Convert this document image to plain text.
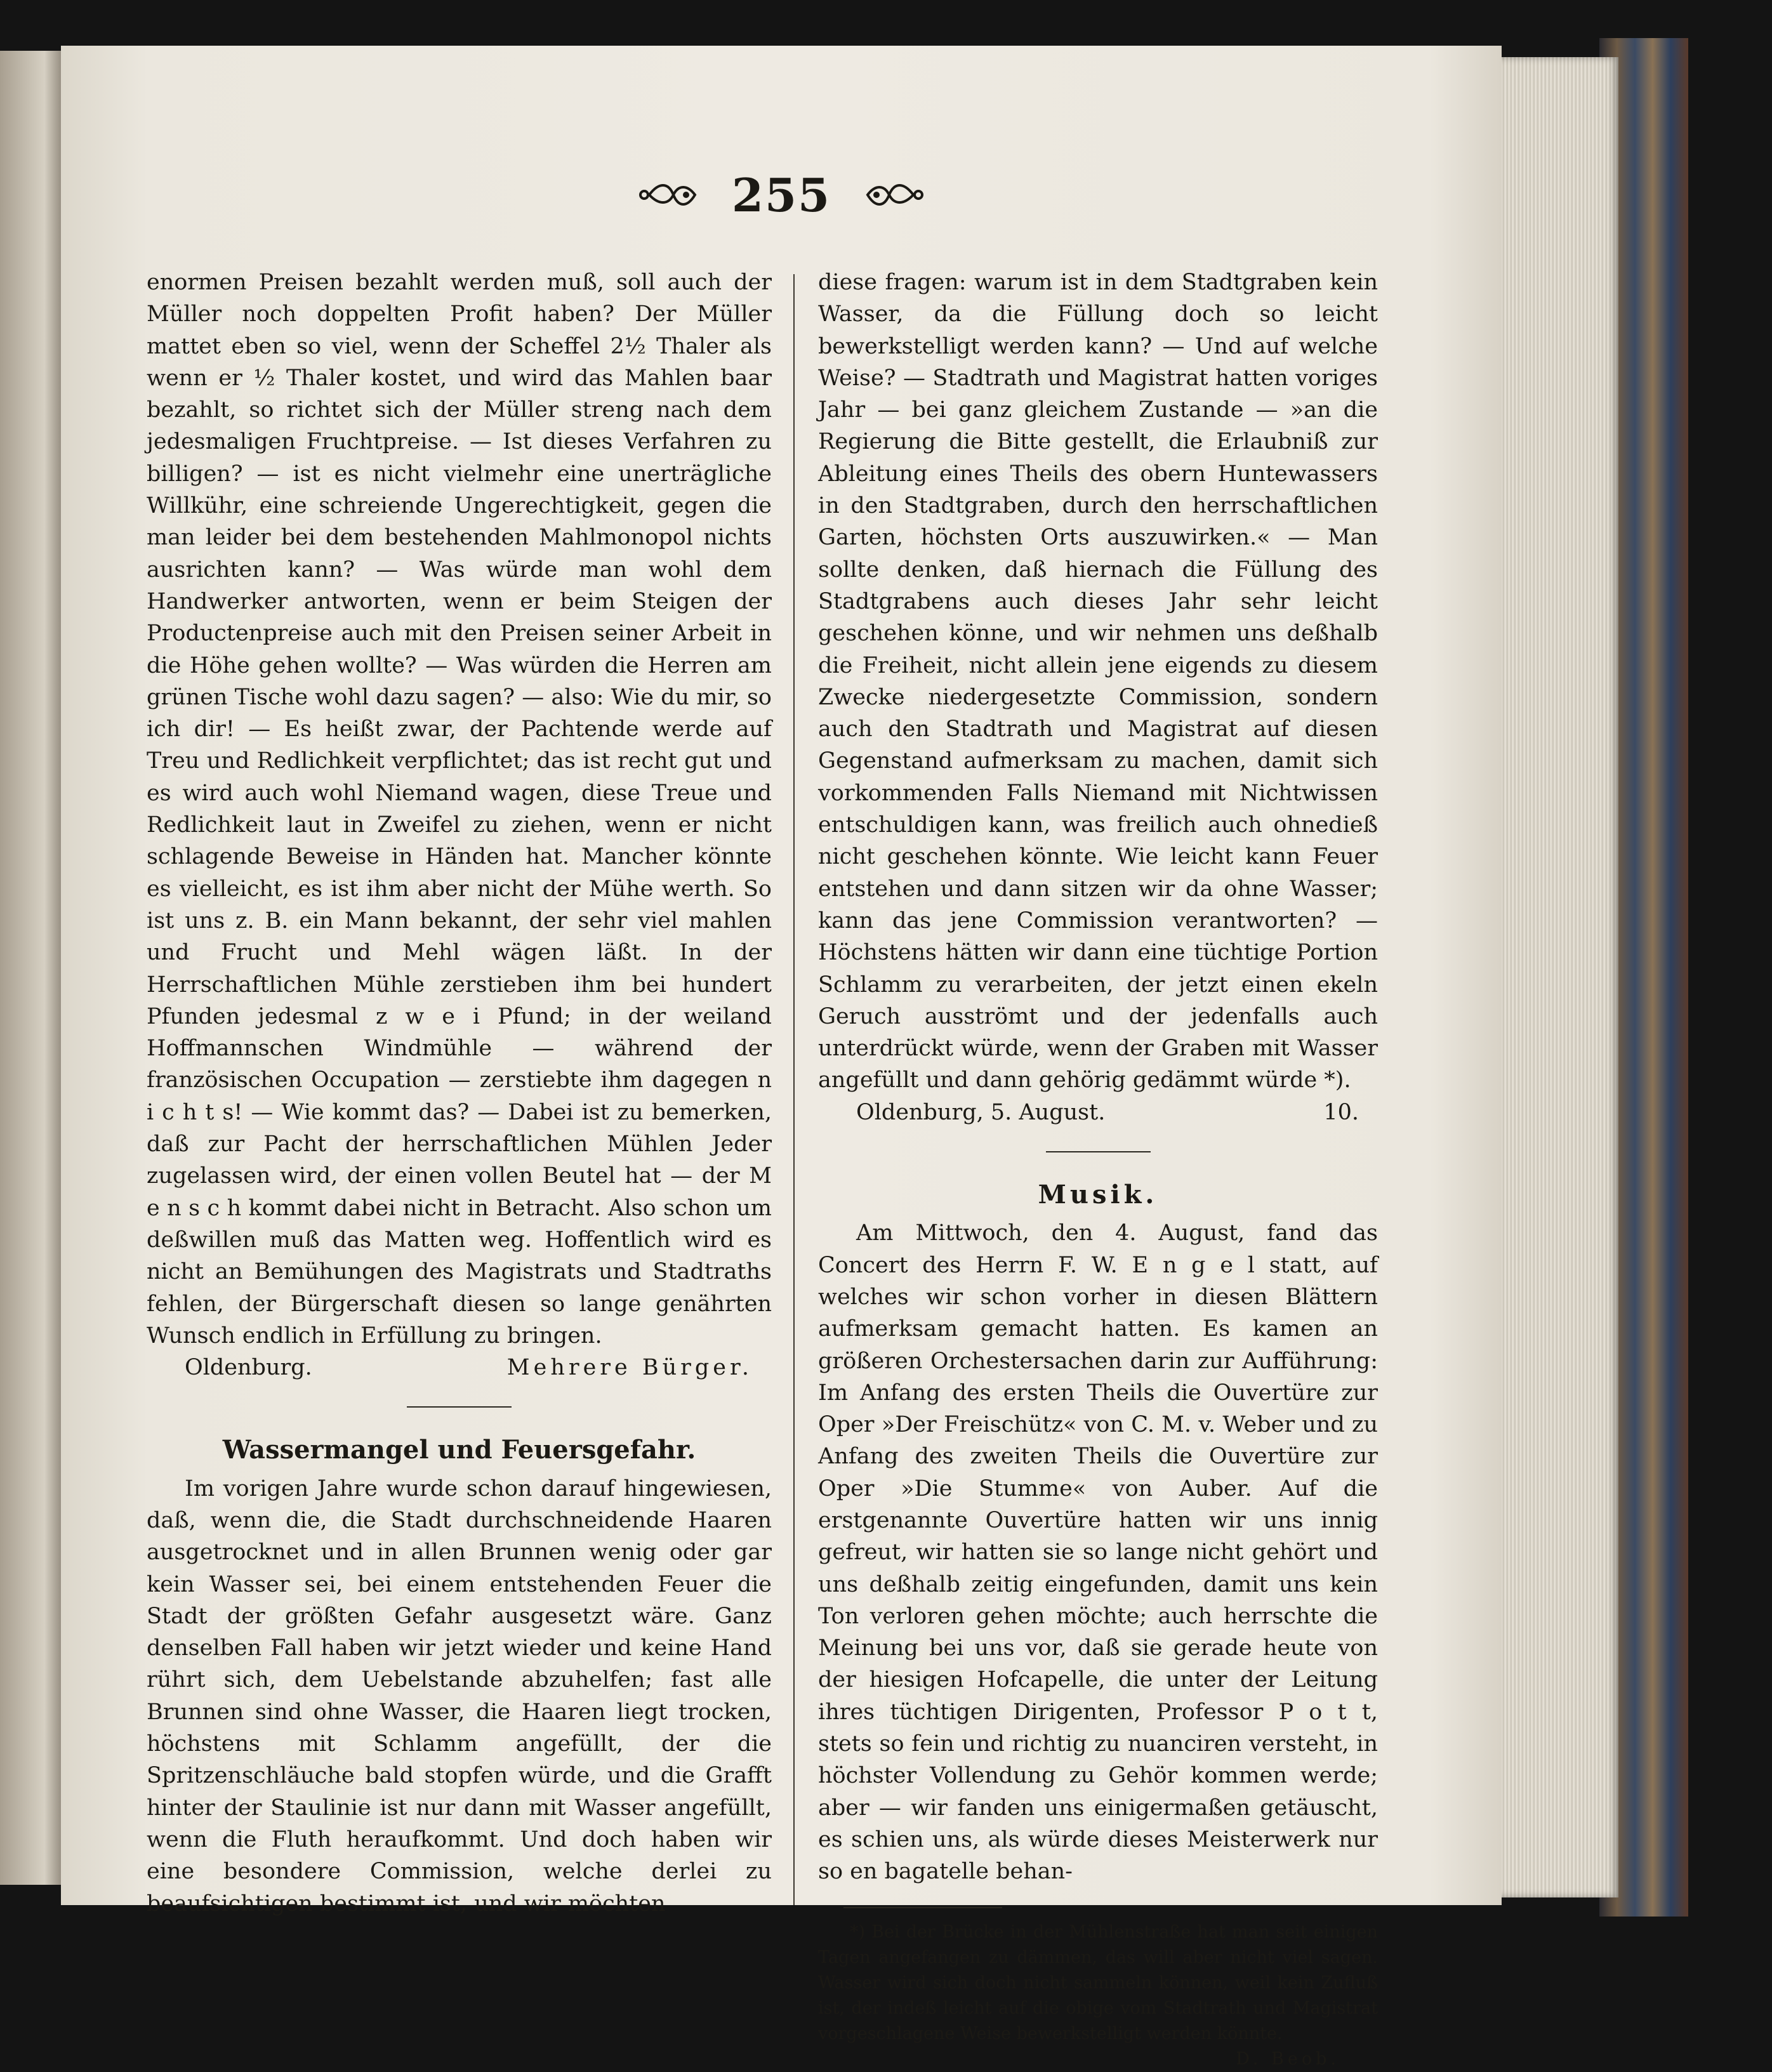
255

enormen Preisen bezahlt werden muß, soll auch der Müller noch doppelten Profit haben? Der Müller mattet eben so viel, wenn der Scheffel 2½ Thaler als wenn er ½ Thaler kostet, und wird das Mahlen baar bezahlt, so richtet sich der Müller streng nach dem jedesmaligen Fruchtpreise. — Ist dieses Verfahren zu billigen? — ist es nicht vielmehr eine unerträgliche Willkühr, eine schreiende Ungerechtigkeit, gegen die man leider bei dem bestehenden Mahlmonopol nichts ausrichten kann? — Was würde man wohl dem Handwerker antworten, wenn er beim Steigen der Productenpreise auch mit den Preisen seiner Arbeit in die Höhe gehen wollte? — Was würden die Herren am grünen Tische wohl dazu sagen? — also: Wie du mir, so ich dir! — Es heißt zwar, der Pachtende werde auf Treu und Redlichkeit verpflichtet; das ist recht gut und es wird auch wohl Niemand wagen, diese Treue und Redlichkeit laut in Zweifel zu ziehen, wenn er nicht schlagende Beweise in Händen hat. Mancher könnte es vielleicht, es ist ihm aber nicht der Mühe werth. So ist uns z. B. ein Mann bekannt, der sehr viel mahlen und Frucht und Mehl wägen läßt. In der Herrschaftlichen Mühle zerstieben ihm bei hundert Pfunden jedesmal z w e i Pfund; in der weiland Hoffmannschen Windmühle — während der französischen Occupation — zerstiebte ihm dagegen n i c h t s! — Wie kommt das? — Dabei ist zu bemerken, daß zur Pacht der herrschaftlichen Mühlen Jeder zugelassen wird, der einen vollen Beutel hat — der M e n s c h kommt dabei nicht in Betracht. Also schon um deßwillen muß das Matten weg. Hoffentlich wird es nicht an Bemühungen des Magistrats und Stadtraths fehlen, der Bürgerschaft diesen so lange genährten Wunsch endlich in Erfüllung zu bringen.

Oldenburg.	Mehrere Bürger.
Wassermangel und Feuersgefahr.

Im vorigen Jahre wurde schon darauf hingewiesen, daß, wenn die, die Stadt durchschneidende Haaren ausgetrocknet und in allen Brunnen wenig oder gar kein Wasser sei, bei einem entstehenden Feuer die Stadt der größten Gefahr ausgesetzt wäre. Ganz denselben Fall haben wir jetzt wieder und keine Hand rührt sich, dem Uebelstande abzuhelfen; fast alle Brunnen sind ohne Wasser, die Haaren liegt trocken, höchstens mit Schlamm angefüllt, der die Spritzenschläuche bald stopfen würde, und die Grafft hinter der Staulinie ist nur dann mit Wasser angefüllt, wenn die Fluth heraufkommt. Und doch haben wir eine besondere Commission, welche derlei zu beaufsichtigen bestimmt ist, und wir möchten

diese fragen: warum ist in dem Stadtgraben kein Wasser, da die Füllung doch so leicht bewerkstelligt werden kann? — Und auf welche Weise? — Stadtrath und Magistrat hatten voriges Jahr — bei ganz gleichem Zustande — »an die Regierung die Bitte gestellt, die Erlaubniß zur Ableitung eines Theils des obern Huntewassers in den Stadtgraben, durch den herrschaftlichen Garten, höchsten Orts auszuwirken.« — Man sollte denken, daß hiernach die Füllung des Stadtgrabens auch dieses Jahr sehr leicht geschehen könne, und wir nehmen uns deßhalb die Freiheit, nicht allein jene eigends zu diesem Zwecke niedergesetzte Commission, sondern auch den Stadtrath und Magistrat auf diesen Gegenstand aufmerksam zu machen, damit sich vorkommenden Falls Niemand mit Nichtwissen entschuldigen kann, was freilich auch ohnedieß nicht geschehen könnte. Wie leicht kann Feuer entstehen und dann sitzen wir da ohne Wasser; kann das jene Commission verantworten? — Höchstens hätten wir dann eine tüchtige Portion Schlamm zu verarbeiten, der jetzt einen ekeln Geruch ausströmt und der jedenfalls auch unterdrückt würde, wenn der Graben mit Wasser angefüllt und dann gehörig gedämmt würde *).

Oldenburg, 5. August.	10.
Musik.

Am Mittwoch, den 4. August, fand das Concert des Herrn F. W. E n g e l statt, auf welches wir schon vorher in diesen Blättern aufmerksam gemacht hatten. Es kamen an größeren Orchestersachen darin zur Aufführung: Im Anfang des ersten Theils die Ouvertüre zur Oper »Der Freischütz« von C. M. v. Weber und zu Anfang des zweiten Theils die Ouvertüre zur Oper »Die Stumme« von Auber. Auf die erstgenannte Ouvertüre hatten wir uns innig gefreut, wir hatten sie so lange nicht gehört und uns deßhalb zeitig eingefunden, damit uns kein Ton verloren gehen möchte; auch herrschte die Meinung bei uns vor, daß sie gerade heute von der hiesigen Hofcapelle, die unter der Leitung ihres tüchtigen Dirigenten, Professor P o t t, stets so fein und richtig zu nuanciren versteht, in höchster Vollendung zu Gehör kommen werde; aber — wir fanden uns einigermaßen getäuscht, es schien uns, als würde dieses Meisterwerk nur so en bagatelle behan-

*) Bei der Brücke in der Mühlenstraße hat man seit einigen Tagen angefangen zu dämmen, das will aber nicht viel sagen. Wasser wird sich doch nicht sammeln können, weil kein Zufluß ist, der indeß leicht auf die obige vom Stadtrath und Magistrat vorgeschlagene Weise bewerkstelligt werden könnte.
D. Beob.
